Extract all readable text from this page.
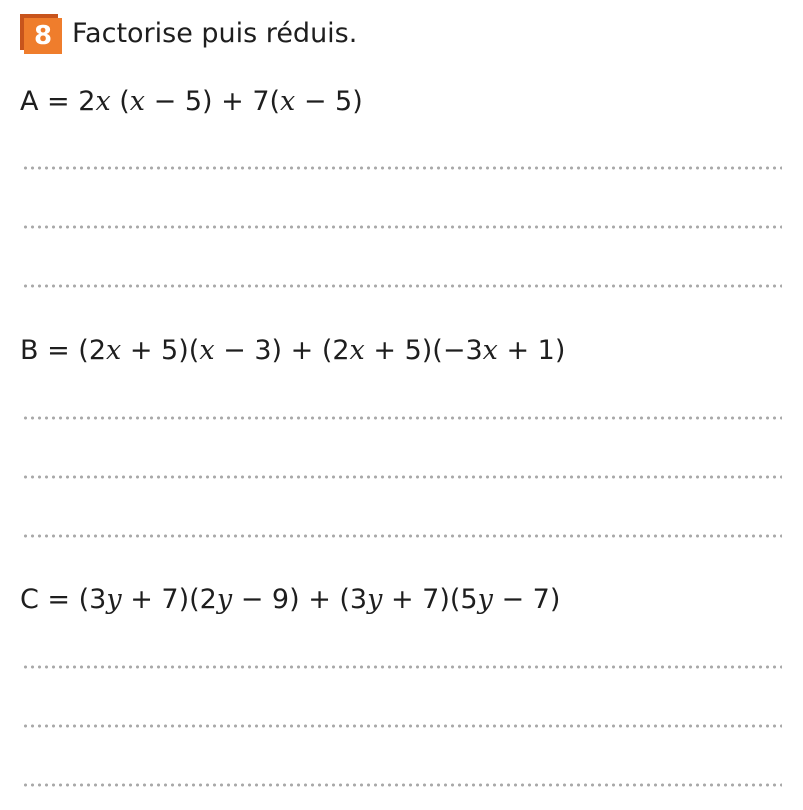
8 Factorise puis réduis.
A = 2x (x − 5) + 7(x − 5)
B = (2x + 5)(x − 3) + (2x + 5)(−3x + 1)
C = (3y + 7)(2y − 9) + (3y + 7)(5y − 7)
